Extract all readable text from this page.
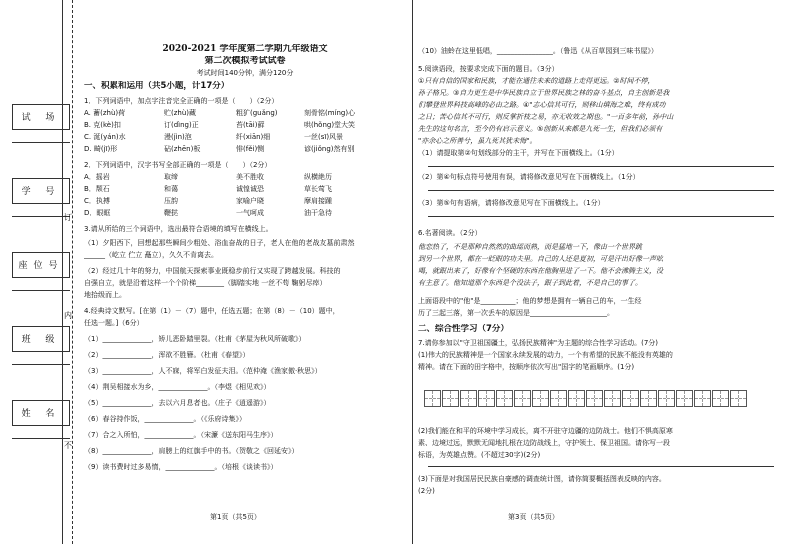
试 场
学 号
座位号
班 级
姓 名
订
内
不
2020-2021 学年度第二学期九年级语文
第二次模拟考试试卷
考试时间140分钟，满分120分
一、积累和运用（共5小题，计17分）
1．下列词语中，加点字注音完全正确的一项是（　　）（2分）
A. 蓄(zhù)荷	贮(zhù)藏	粗犷(guǎng)	刻骨铭(míng)心
B. 克(kè)扣	订(dìng)正	苔(tāi)藓	哄(hǒng)堂大笑
C. 涎(yán)水	漫(jìn)泡	纤(xiān)细	一丝(sī)风景
D. 畸(jī)形	砧(zhēn)板	悱(fěi)恻	谚(jiǒng)然有别
2．下列词语中，汉字书写全部正确的一项是（　　）（2分）
A．摇岩	取缔	美不胜收	纵横絶历
B．颓石	和蔼	诚惶诚恐	草长莺飞
C．执搏	压韵	家喻户晓	摩肩接踵
D．眼眶	鞭挞	一气呵成	油干急待
3.请从所给的三个词语中，选出最符合语境的填写在横线上。
（1）夕阳西下，回想起那些瞬间少粗处、浴血奋战的日子，老人在他的老战友墓前肃然
______（屹立 伫立 矗立），久久不肯离去。
（2）经过几十年的努力，中国航天探索事业既稳步前行又实现了跨越发展。科技的
自强自立，就是沿着这样一个个阶梯________（脚踏实地 一丝不苟 鞠躬尽瘁）
地拾级而上。
4.经典诗文默写。[在第（1）－（7）题中，任选五题；在第（8）－（10）题中，
任选一题。]（6分）
（1）______________，矫儿恶卧踏里裂。（杜甫《茅屋为秋风所破歌》）
（2）______________，浑欲不胜簪。（杜甫《春望》）
（3）______________，人不寐，将军白发征夫泪。（范仲淹《渔家傲·秋思》）
（4）荆吴相接水为乡，______________。（李煜《相见欢》）
（5）______________，去以六月息者也。（庄子《逍遥游》）
（6）春谷持作饭，______________。（《乐府诗集》）
（7）合之入所怕，______________。（宋濂《送东阳马生序》）
（8）______________，肩膀上的红旗手中的书。（贺敬之《回延安》）
（9）读书费时过多易惰，______________。（培根《谈读书》）
第1页（共5页）
（10）油蛉在这里低唱，________________。（鲁迅《从百草园到三味书屋》）
5.阅读语段，按要求完成下面的题目。（3分）
①只有自信的国家和民族，才能在通往未来的道路上走得更远。②时间不停，
孙子格兄。③自力更生是中华民族自立于世界民族之林的奋斗基点，自主创新是我
们攀登世界科技高峰的必由之路。④"志心信其可行，则移山填海之难，终有成功
之日；苦心信其不可行，则反掌折枝之易，亦无收效之期也。"一百多年前，孙中山
先生的这句名言，至今仍有启示意义。⑤创新从来都是九死一生，但我们必须有
"亦余心之所善兮，虽九死其犹未悔"。
（1）请提取第②句划线部分的主干，并写在下面横线上。（1分）
（2）第④句标点符号使用有误，请将修改意见写在下面横线上。（1分）
（3）第⑤句有语病，请将修改意见写在下面横线上。（1分）
6.名著阅读。（2分）
他恋热了，不是那种自然然的曲瑶而熟，而是猛地一下，像由一个世界跳
到另一个世界，都在一眨眼的功夫里。自己的人还是夏初，可是汗出好像一声吆
喝，就跟出来了，好像有个坚硬的东西在他胸里进了一下。他不会沸腾主义，没
有主意了。他知道那个东西是个没法子，跟子到此着，不是自己的事了。
上面语段中的"他"是__________；他的梦想是拥有一辆自己的车，一生经
历了三起三落，第一次丢车的原因是______________________。
二、综合性学习（7分）
7.请你参加以"守卫祖国疆土，弘扬民族精神"为主题的综合性学习活动。(7分)
(1)伟大的民族精神是一个国家永续发展的动力，一个有希望的民族不能没有英雄的
精神。请在下面的田字格中，按顺序依次写出"国字的笔画顺序。(1分)
(2)我们能在和平的环境中学习成长，离不开驻守边疆的边防战士。他们不惧高原寒
素、边境过远，默默无闻地扎根在边防战线上，守护领土、保卫祖国。请你写一段
标语，为英雄点赞。(不超过30字)(2分)
(3)下面是对我国居民民族自豪感的调查统计图，请你简要概括图表反映的内容。
(2分)
第3页（共5页）
